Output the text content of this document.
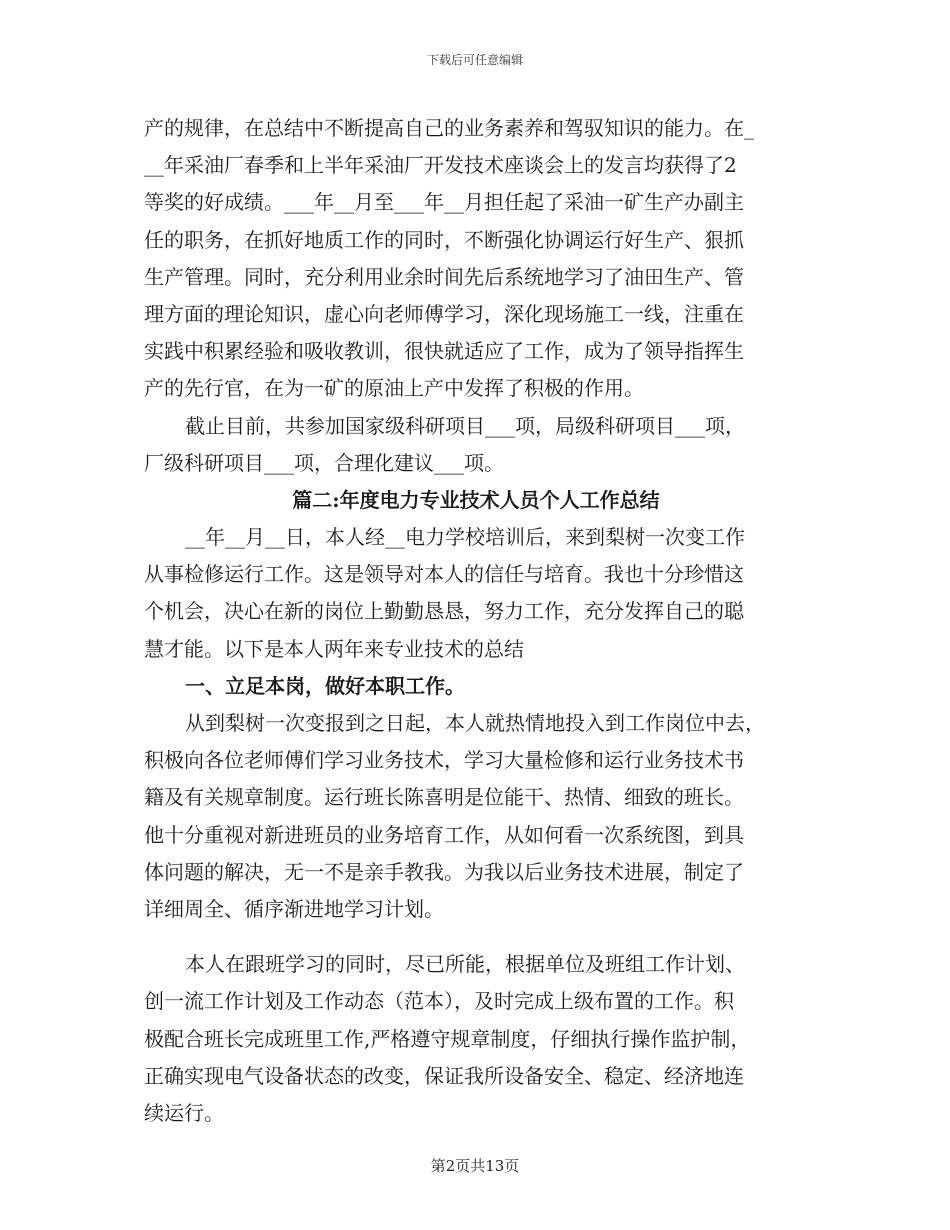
下载后可任意编辑
产的规律，在总结中不断提高自己的业务素养和驾驭知识的能力。在_
__年采油厂春季和上半年采油厂开发技术座谈会上的发言均获得了2
等奖的好成绩。___年__月至___年__月担任起了采油一矿生产办副主
任的职务，在抓好地质工作的同时，不断强化协调运行好生产、狠抓
生产管理。同时，充分利用业余时间先后系统地学习了油田生产、管
理方面的理论知识，虚心向老师傅学习，深化现场施工一线，注重在
实践中积累经验和吸收教训，很快就适应了工作，成为了领导指挥生
产的先行官，在为一矿的原油上产中发挥了积极的作用。
截止目前，共参加国家级科研项目___项，局级科研项目___项，
厂级科研项目___项，合理化建议___项。
篇二:年度电力专业技术人员个人工作总结
__年__月__日，本人经__电力学校培训后，来到梨树一次变工作
从事检修运行工作。这是领导对本人的信任与培育。我也十分珍惜这
个机会，决心在新的岗位上勤勤恳恳，努力工作，充分发挥自己的聪
慧才能。以下是本人两年来专业技术的总结
一、立足本岗，做好本职工作。
从到梨树一次变报到之日起，本人就热情地投入到工作岗位中去，
积极向各位老师傅们学习业务技术，学习大量检修和运行业务技术书
籍及有关规章制度。运行班长陈喜明是位能干、热情、细致的班长。
他十分重视对新进班员的业务培育工作，从如何看一次系统图，到具
体问题的解决，无一不是亲手教我。为我以后业务技术进展，制定了
详细周全、循序渐进地学习计划。
本人在跟班学习的同时，尽已所能，根据单位及班组工作计划、
创一流工作计划及工作动态（范本），及时完成上级布置的工作。积
极配合班长完成班里工作,严格遵守规章制度，仔细执行操作监护制，
正确实现电气设备状态的改变，保证我所设备安全、稳定、经济地连
续运行。
第2页共13页
